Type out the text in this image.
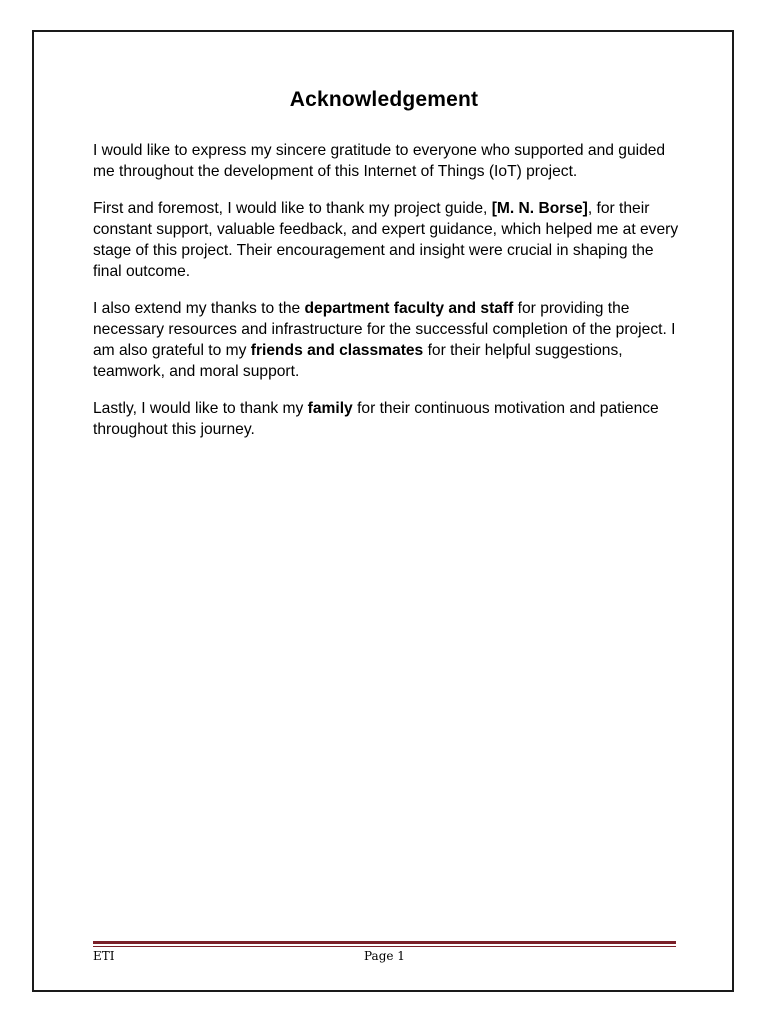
Acknowledgement

I would like to express my sincere gratitude to everyone who supported and guided me throughout the development of this Internet of Things (IoT) project.

First and foremost, I would like to thank my project guide, [M. N. Borse], for their constant support, valuable feedback, and expert guidance, which helped me at every stage of this project. Their encouragement and insight were crucial in shaping the final outcome.

I also extend my thanks to the department faculty and staff for providing the necessary resources and infrastructure for the successful completion of the project. I am also grateful to my friends and classmates for their helpful suggestions, teamwork, and moral support.

Lastly, I would like to thank my family for their continuous motivation and patience throughout this journey.

ETI	Page 1
